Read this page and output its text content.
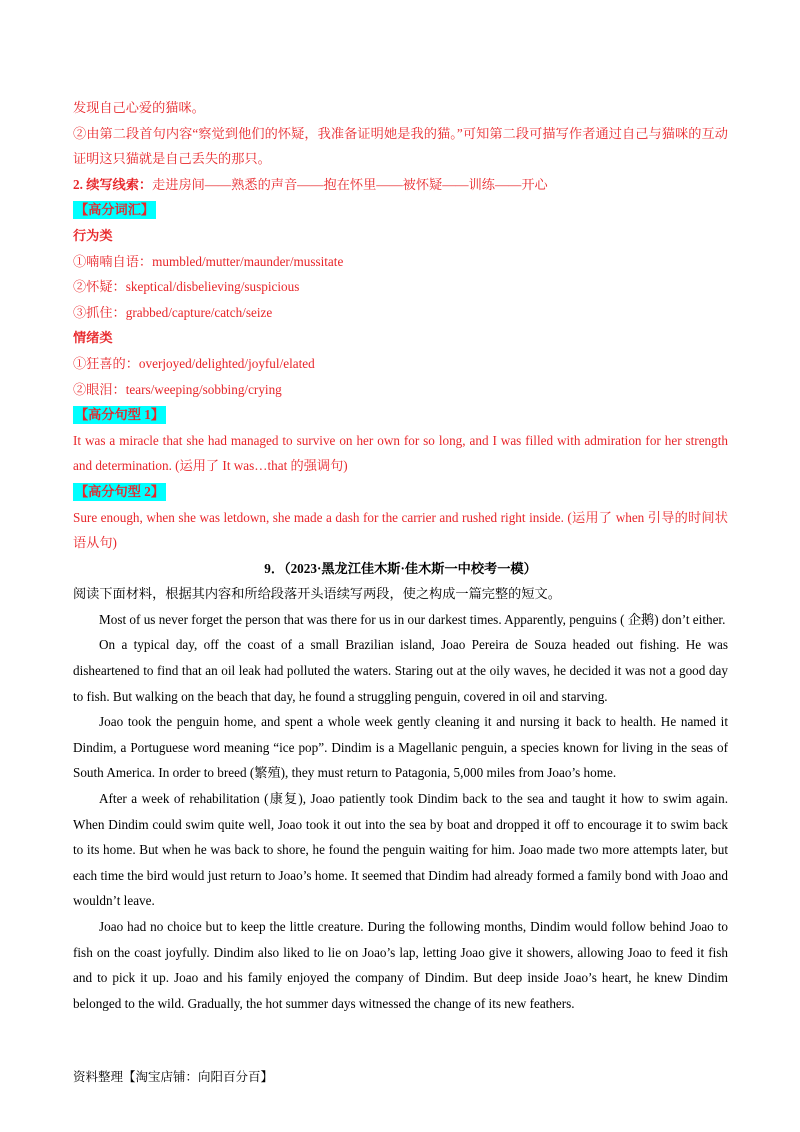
发现自己心爱的猫咪。

②由第二段首句内容“察觉到他们的怀疑，我准备证明她是我的猫。”可知第二段可描写作者通过自己与猫咪的互动证明这只猫就是自己丢失的那只。

2. 续写线索：走进房间——熟悉的声音——抱在怀里——被怀疑——训练——开心
【高分词汇】
行为类
①喃喃自语：mumbled/mutter/maunder/mussitate
②怀疑：skeptical/disbelieving/suspicious
③抓住：grabbed/capture/catch/seize
情绪类
①狂喜的：overjoyed/delighted/joyful/elated
②眼泪：tears/weeping/sobbing/crying
【高分句型 1】

It was a miracle that she had managed to survive on her own for so long, and I was filled with admiration for her strength and determination. (运用了 It was…that 的强调句)

【高分句型 2】

Sure enough, when she was letdown, she made a dash for the carrier and rushed right inside. (运用了 when 引导的时间状语从句)

9．（2023·黑龙江佳木斯·佳木斯一中校考一模）
阅读下面材料，根据其内容和所给段落开头语续写两段，使之构成一篇完整的短文。

Most of us never forget the person that was there for us in our darkest times. Apparently, penguins ( 企鹅) don’t either.

On a typical day, off the coast of a small Brazilian island, Joao Pereira de Souza headed out fishing. He was disheartened to find that an oil leak had polluted the waters. Staring out at the oily waves, he decided it was not a good day to fish. But walking on the beach that day, he found a struggling penguin, covered in oil and starving.

Joao took the penguin home, and spent a whole week gently cleaning it and nursing it back to health. He named it Dindim, a Portuguese word meaning “ice pop”. Dindim is a Magellanic penguin, a species known for living in the seas of South America. In order to breed (繁殖), they must return to Patagonia, 5,000 miles from Joao’s home.

After a week of rehabilitation (康复), Joao patiently took Dindim back to the sea and taught it how to swim again. When Dindim could swim quite well, Joao took it out into the sea by boat and dropped it off to encourage it to swim back to its home. But when he was back to shore, he found the penguin waiting for him. Joao made two more attempts later, but each time the bird would just return to Joao’s home. It seemed that Dindim had already formed a family bond with Joao and wouldn’t leave.

Joao had no choice but to keep the little creature. During the following months, Dindim would follow behind Joao to fish on the coast joyfully. Dindim also liked to lie on Joao’s lap, letting Joao give it showers, allowing Joao to feed it fish and to pick it up. Joao and his family enjoyed the company of Dindim. But deep inside Joao’s heart, he knew Dindim belonged to the wild. Gradually, the hot summer days witnessed the change of its new feathers.

资料整理【淘宝店铺：向阳百分百】
